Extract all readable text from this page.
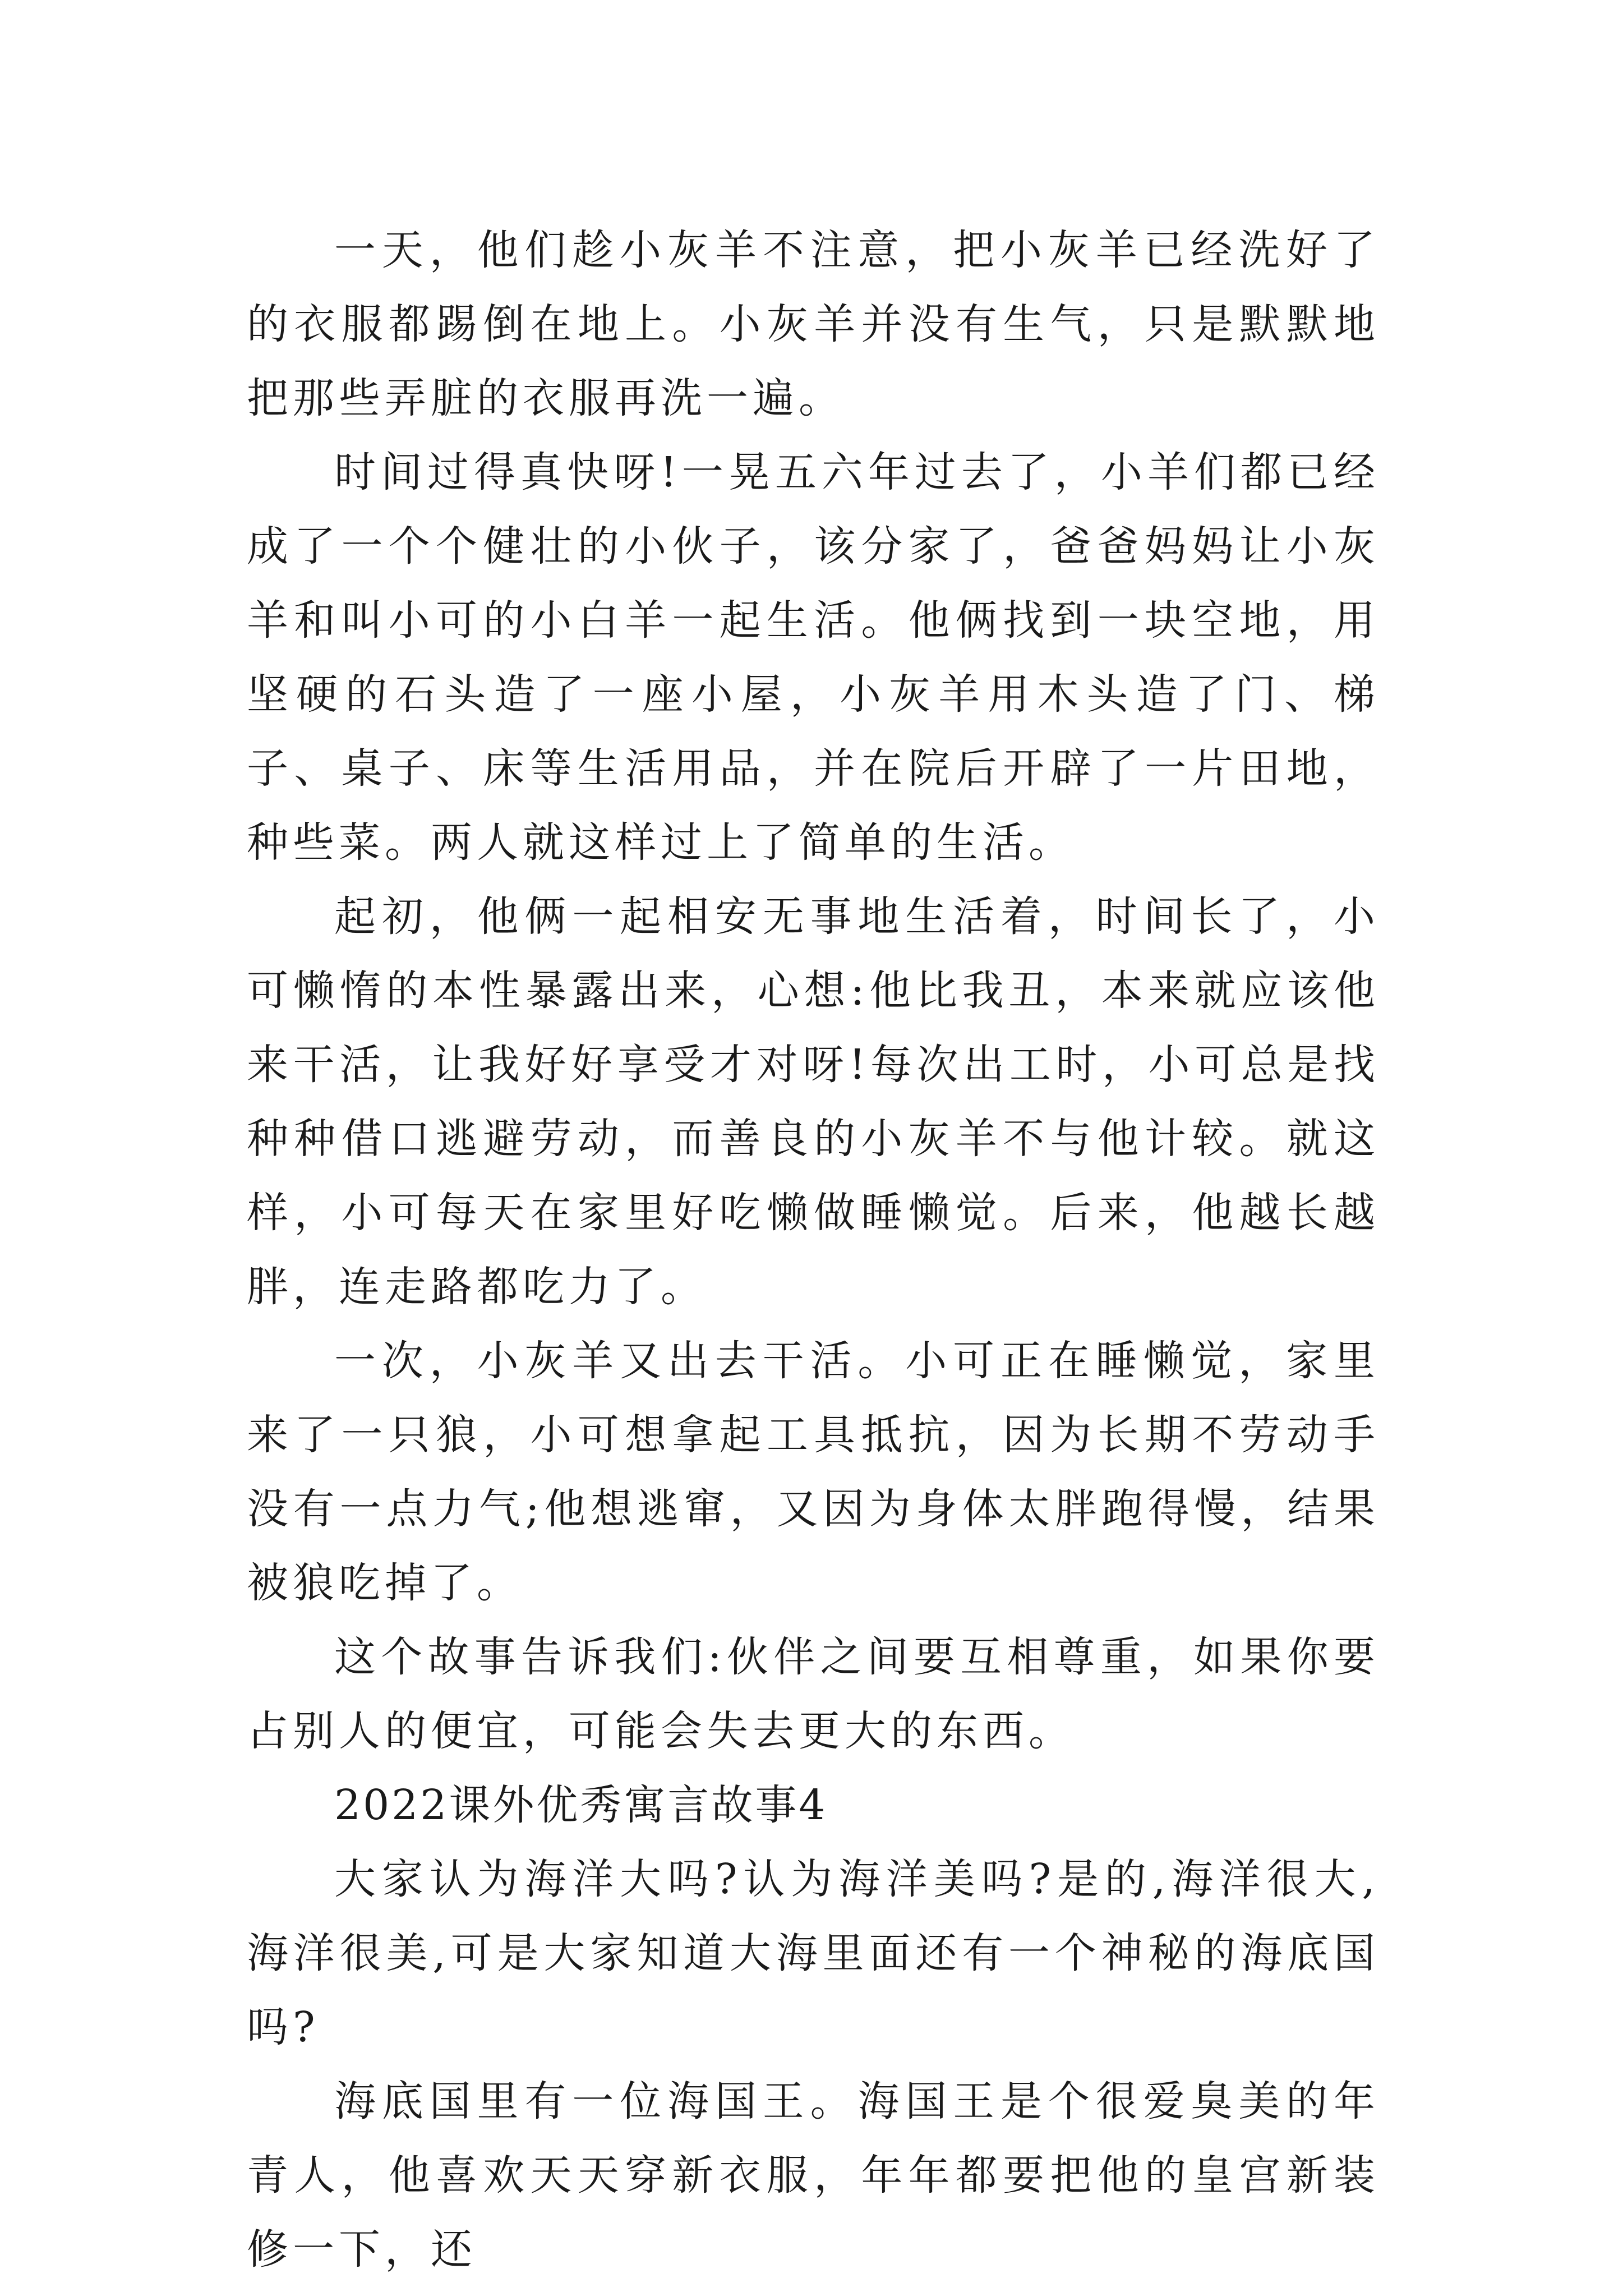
一天，他们趁小灰羊不注意，把小灰羊已经洗好了的衣服都踢倒在地上。小灰羊并没有生气，只是默默地把那些弄脏的衣服再洗一遍。

时间过得真快呀!一晃五六年过去了，小羊们都已经成了一个个健壮的小伙子，该分家了，爸爸妈妈让小灰羊和叫小可的小白羊一起生活。他俩找到一块空地，用坚硬的石头造了一座小屋，小灰羊用木头造了门、梯子、桌子、床等生活用品，并在院后开辟了一片田地，种些菜。两人就这样过上了简单的生活。

起初，他俩一起相安无事地生活着，时间长了，小可懒惰的本性暴露出来，心想:他比我丑，本来就应该他来干活，让我好好享受才对呀!每次出工时，小可总是找种种借口逃避劳动，而善良的小灰羊不与他计较。就这样，小可每天在家里好吃懒做睡懒觉。后来，他越长越胖，连走路都吃力了。

一次，小灰羊又出去干活。小可正在睡懒觉，家里来了一只狼，小可想拿起工具抵抗，因为长期不劳动手没有一点力气;他想逃窜，又因为身体太胖跑得慢，结果被狼吃掉了。

这个故事告诉我们:伙伴之间要互相尊重，如果你要占别人的便宜，可能会失去更大的东西。

2022课外优秀寓言故事4

大家认为海洋大吗?认为海洋美吗?是的,海洋很大,海洋很美,可是大家知道大海里面还有一个神秘的海底国吗?

海底国里有一位海国王。海国王是个很爱臭美的年青人，他喜欢天天穿新衣服，年年都要把他的皇宫新装修一下，还
